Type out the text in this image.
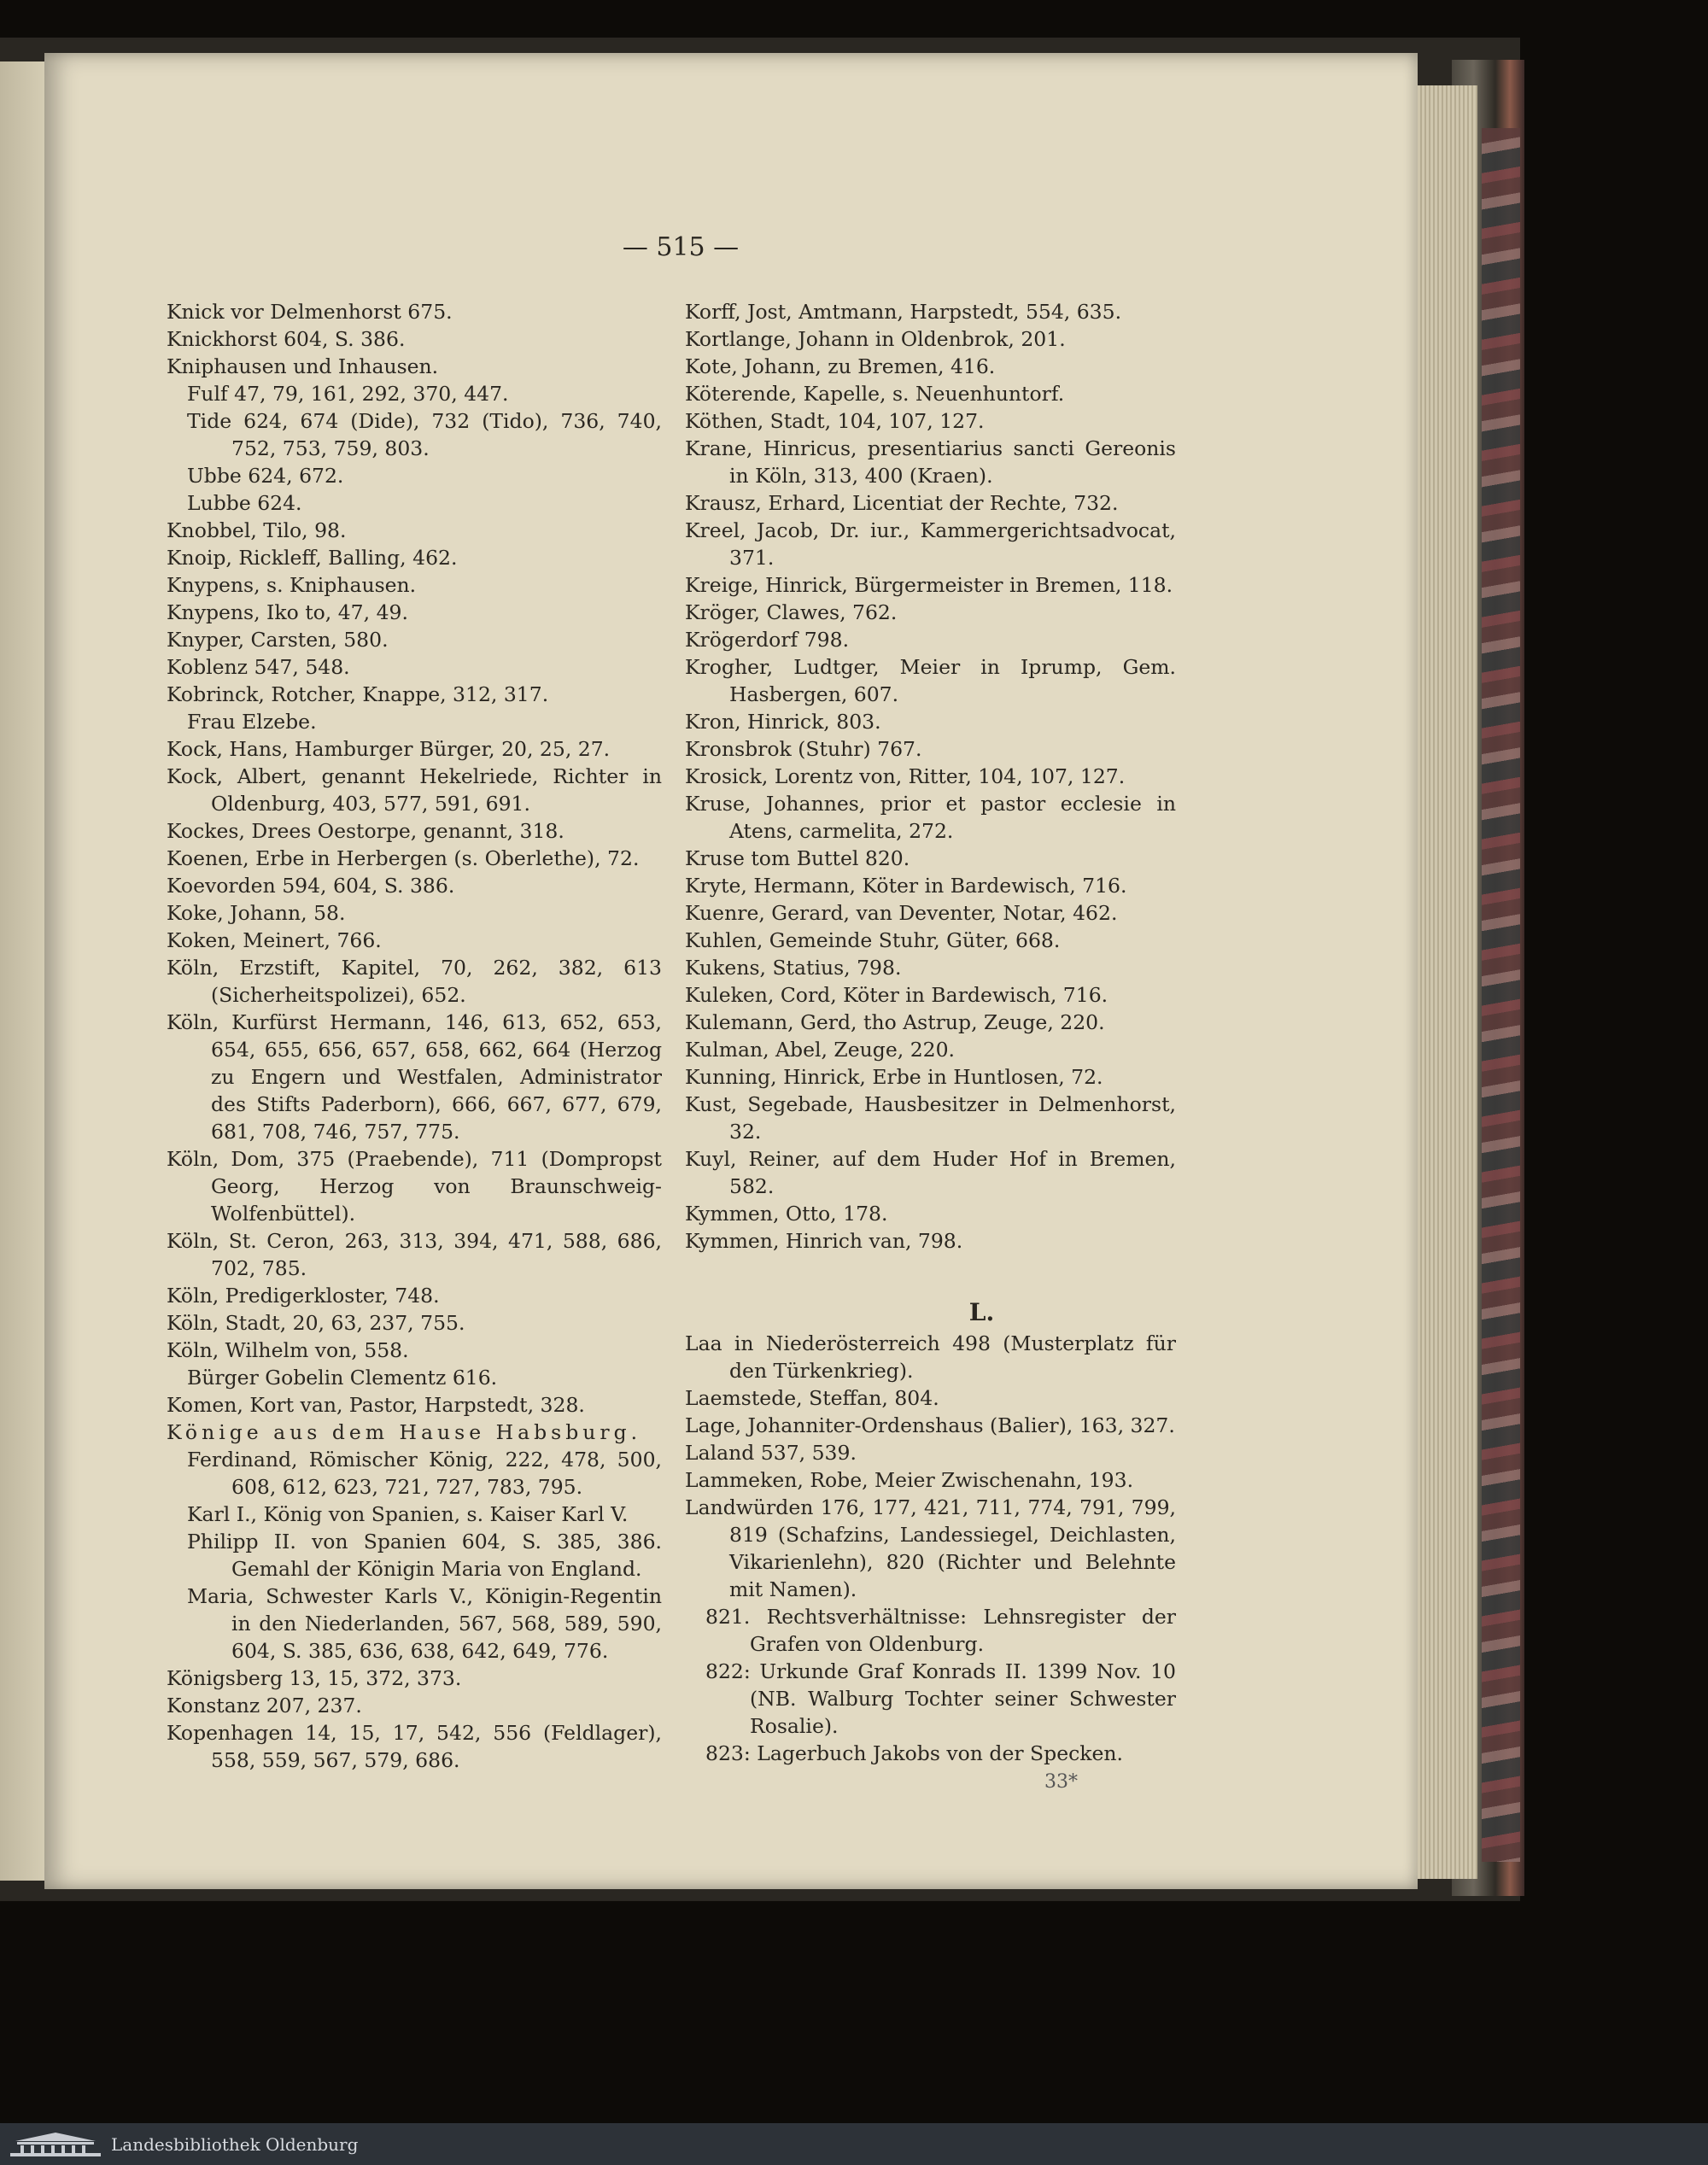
— 515 —

Knick vor Delmenhorst 675.

Knickhorst 604, S. 386.

Kniphausen und Inhausen.

Fulf 47, 79, 161, 292, 370, 447.

Tide 624, 674 (Dide), 732 (Tido), 736, 740, 752, 753, 759, 803.

Ubbe 624, 672.

Lubbe 624.

Knobbel, Tilo, 98.

Knoip, Rickleff, Balling, 462.

Knypens, s. Kniphausen.

Knypens, Iko to, 47, 49.

Knyper, Carsten, 580.

Koblenz 547, 548.

Kobrinck, Rotcher, Knappe, 312, 317.

Frau Elzebe.

Kock, Hans, Hamburger Bürger, 20, 25, 27.

Kock, Albert, genannt Hekelriede, Richter in Oldenburg, 403, 577, 591, 691.

Kockes, Drees Oestorpe, genannt, 318.

Koenen, Erbe in Herbergen (s. Oberlethe), 72.

Koevorden 594, 604, S. 386.

Koke, Johann, 58.

Koken, Meinert, 766.

Köln, Erzstift, Kapitel, 70, 262, 382, 613 (Sicherheitspolizei), 652.

Köln, Kurfürst Hermann, 146, 613, 652, 653, 654, 655, 656, 657, 658, 662, 664 (Herzog zu Engern und Westfalen, Administrator des Stifts Paderborn), 666, 667, 677, 679, 681, 708, 746, 757, 775.

Köln, Dom, 375 (Praebende), 711 (Dompropst Georg, Herzog von Braunschweig-Wolfenbüttel).

Köln, St. Ceron, 263, 313, 394, 471, 588, 686, 702, 785.

Köln, Predigerkloster, 748.

Köln, Stadt, 20, 63, 237, 755.

Köln, Wilhelm von, 558.

Bürger Gobelin Clementz 616.

Komen, Kort van, Pastor, Harpstedt, 328.

Könige aus dem Hause Habsburg.

Ferdinand, Römischer König, 222, 478, 500, 608, 612, 623, 721, 727, 783, 795.

Karl I., König von Spanien, s. Kaiser Karl V.

Philipp II. von Spanien 604, S. 385, 386. Gemahl der Königin Maria von England.

Maria, Schwester Karls V., Königin-Regentin in den Niederlanden, 567, 568, 589, 590, 604, S. 385, 636, 638, 642, 649, 776.

Königsberg 13, 15, 372, 373.

Konstanz 207, 237.

Kopenhagen 14, 15, 17, 542, 556 (Feldlager), 558, 559, 567, 579, 686.

Korff, Jost, Amtmann, Harpstedt, 554, 635.

Kortlange, Johann in Oldenbrok, 201.

Kote, Johann, zu Bremen, 416.

Köterende, Kapelle, s. Neuenhuntorf.

Köthen, Stadt, 104, 107, 127.

Krane, Hinricus, presentiarius sancti Gereonis in Köln, 313, 400 (Kraen).

Krausz, Erhard, Licentiat der Rechte, 732.

Kreel, Jacob, Dr. iur., Kammergerichtsadvocat, 371.

Kreige, Hinrick, Bürgermeister in Bremen, 118.

Kröger, Clawes, 762.

Krögerdorf 798.

Krogher, Ludtger, Meier in Iprump, Gem. Hasbergen, 607.

Kron, Hinrick, 803.

Kronsbrok (Stuhr) 767.

Krosick, Lorentz von, Ritter, 104, 107, 127.

Kruse, Johannes, prior et pastor ecclesie in Atens, carmelita, 272.

Kruse tom Buttel 820.

Kryte, Hermann, Köter in Bardewisch, 716.

Kuenre, Gerard, van Deventer, Notar, 462.

Kuhlen, Gemeinde Stuhr, Güter, 668.

Kukens, Statius, 798.

Kuleken, Cord, Köter in Bardewisch, 716.

Kulemann, Gerd, tho Astrup, Zeuge, 220.

Kulman, Abel, Zeuge, 220.

Kunning, Hinrick, Erbe in Huntlosen, 72.

Kust, Segebade, Hausbesitzer in Delmenhorst, 32.

Kuyl, Reiner, auf dem Huder Hof in Bremen, 582.

Kymmen, Otto, 178.

Kymmen, Hinrich van, 798.

L.

Laa in Niederösterreich 498 (Musterplatz für den Türkenkrieg).

Laemstede, Steffan, 804.

Lage, Johanniter-Ordenshaus (Balier), 163, 327.

Laland 537, 539.

Lammeken, Robe, Meier Zwischenahn, 193.

Landwürden 176, 177, 421, 711, 774, 791, 799, 819 (Schafzins, Landessiegel, Deichlasten, Vikarienlehn), 820 (Richter und Belehnte mit Namen).

821. Rechtsverhältnisse: Lehnsregister der Grafen von Oldenburg.

822: Urkunde Graf Konrads II. 1399 Nov. 10 (NB. Walburg Tochter seiner Schwester Rosalie).

823: Lagerbuch Jakobs von der Specken.

33*
Landesbibliothek Oldenburg
